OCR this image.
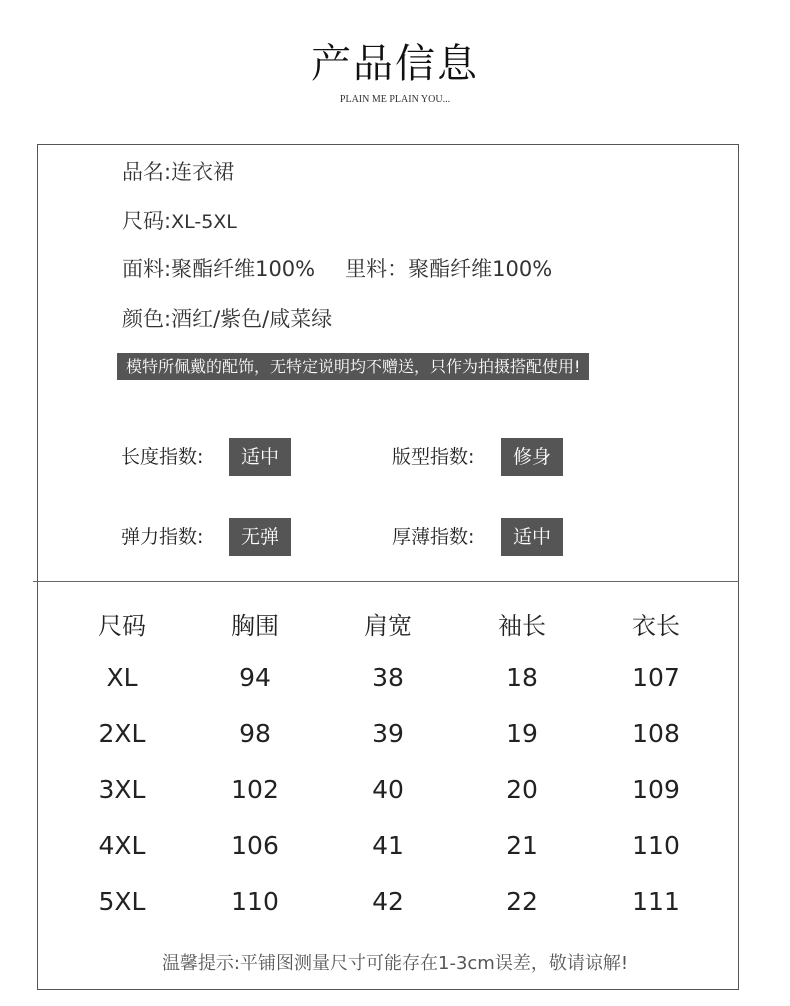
产品信息
PLAIN ME PLAIN YOU...
品名:连衣裙
尺码:XL-5XL
面料:聚酯纤维100% 里料：聚酯纤维100%
颜色:酒红/紫色/咸菜绿
模特所佩戴的配饰，无特定说明均不赠送，只作为拍摄搭配使用!
长度指数:	适中	版型指数:	修身
弹力指数:	无弹	厚薄指数:	适中
尺码	胸围	肩宽	袖长	衣长
XL	94	38	18	107
2XL	98	39	19	108
3XL	102	40	20	109
4XL	106	41	21	110
5XL	110	42	22	111
温馨提示:平铺图测量尺寸可能存在1-3cm误差，敬请谅解!
